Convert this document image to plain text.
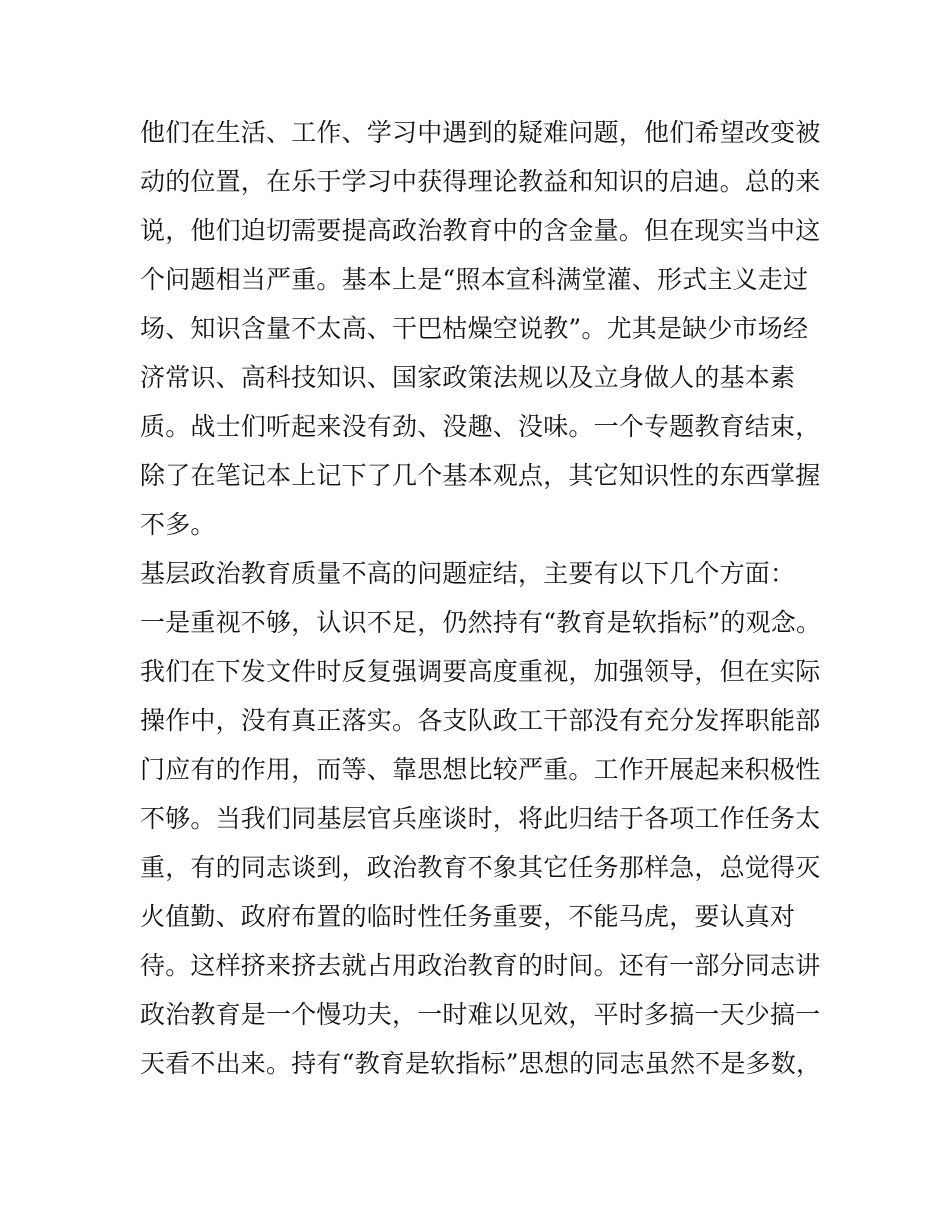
他们在生活、工作、学习中遇到的疑难问题，他们希望改变被
动的位置，在乐于学习中获得理论教益和知识的启迪。总的来
说，他们迫切需要提高政治教育中的含金量。但在现实当中这
个问题相当严重。基本上是“照本宣科满堂灌、形式主义走过
场、知识含量不太高、干巴枯燥空说教”。尤其是缺少市场经
济常识、高科技知识、国家政策法规以及立身做人的基本素
质。战士们听起来没有劲、没趣、没味。一个专题教育结束，
除了在笔记本上记下了几个基本观点，其它知识性的东西掌握
不多。
基层政治教育质量不高的问题症结，主要有以下几个方面：
一是重视不够，认识不足，仍然持有“教育是软指标”的观念。
我们在下发文件时反复强调要高度重视，加强领导，但在实际
操作中，没有真正落实。各支队政工干部没有充分发挥职能部
门应有的作用，而等、靠思想比较严重。工作开展起来积极性
不够。当我们同基层官兵座谈时，将此归结于各项工作任务太
重，有的同志谈到，政治教育不象其它任务那样急，总觉得灭
火值勤、政府布置的临时性任务重要，不能马虎，要认真对
待。这样挤来挤去就占用政治教育的时间。还有一部分同志讲
政治教育是一个慢功夫，一时难以见效，平时多搞一天少搞一
天看不出来。持有“教育是软指标”思想的同志虽然不是多数，
